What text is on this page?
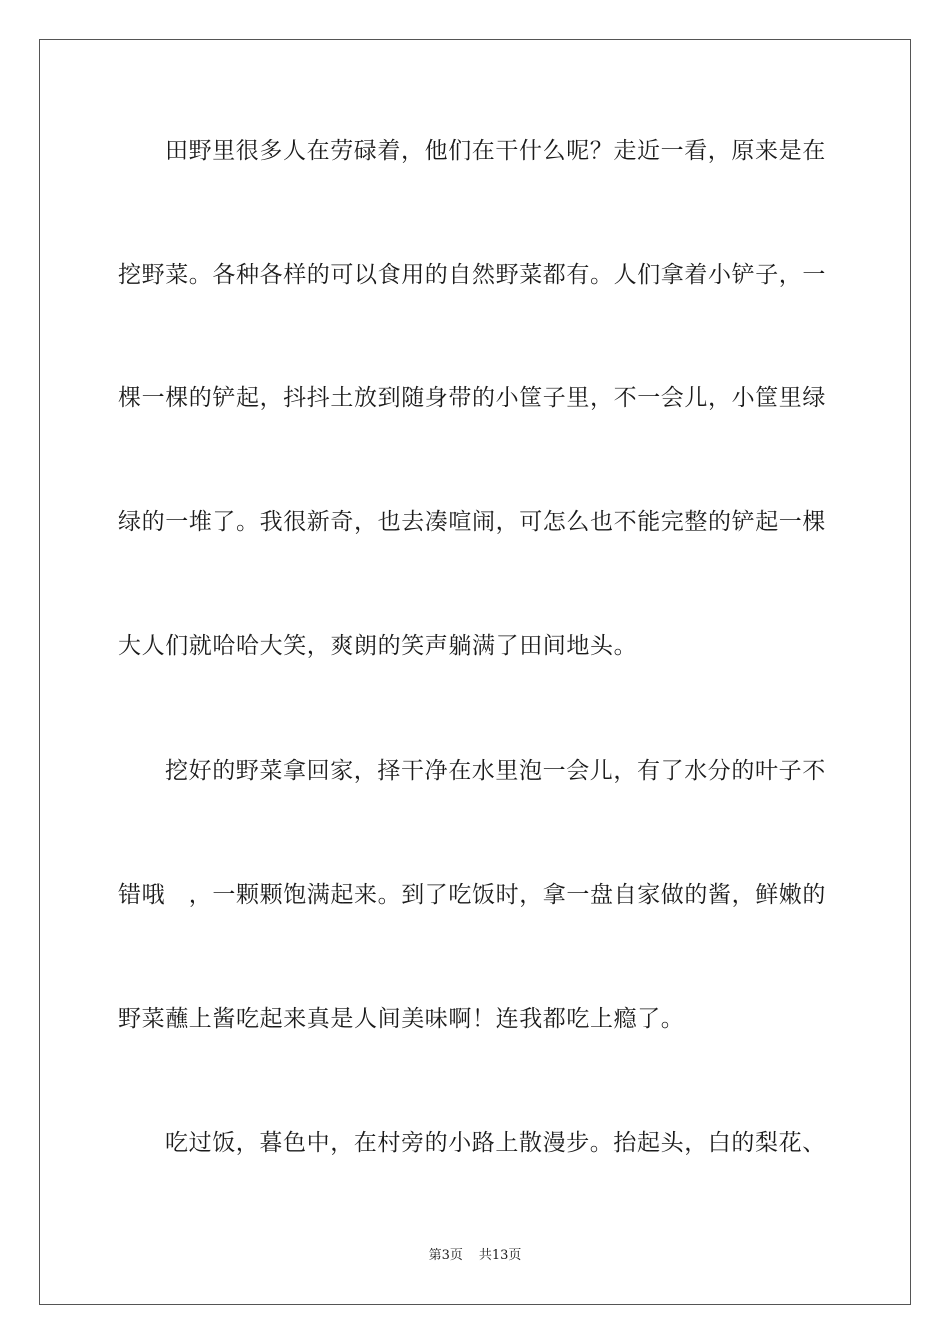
田野里很多人在劳碌着，他们在干什么呢？走近一看，原来是在
挖野菜。各种各样的可以食用的自然野菜都有。人们拿着小铲子，一
棵一棵的铲起，抖抖土放到随身带的小筐子里，不一会儿，小筐里绿
绿的一堆了。我很新奇，也去凑喧闹，可怎么也不能完整的铲起一棵
大人们就哈哈大笑，爽朗的笑声躺满了田间地头。
挖好的野菜拿回家，择干净在水里泡一会儿，有了水分的叶子不
错哦　，一颗颗饱满起来。到了吃饭时，拿一盘自家做的酱，鲜嫩的
野菜蘸上酱吃起来真是人间美味啊！连我都吃上瘾了。
吃过饭，暮色中，在村旁的小路上散漫步。抬起头，白的梨花、
第3页 共13页
